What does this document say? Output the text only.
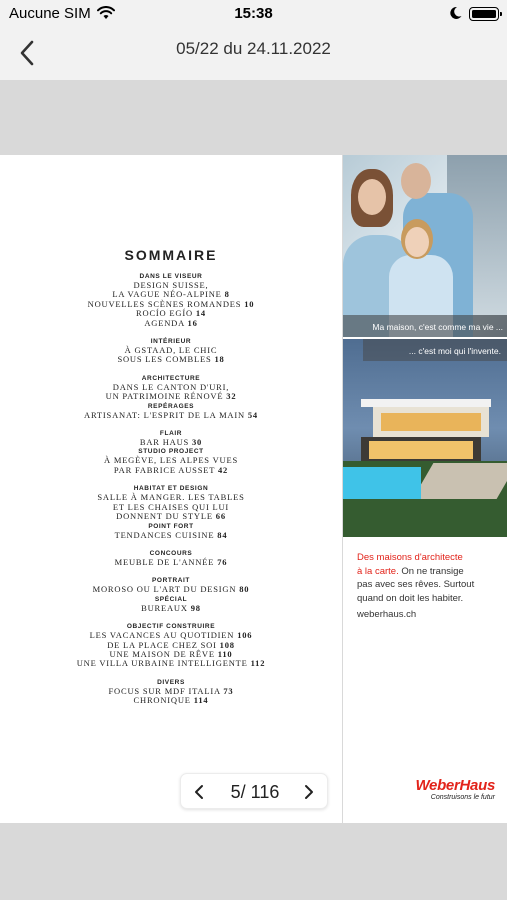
Aucune SIM	15:38
05/22 du 24.11.2022
SOMMAIRE
DANS LE VISEUR
DESIGN SUISSE,
LA VAGUE NÉO-ALPINE 8
NOUVELLES SCÈNES ROMANDES 10
ROCÍO EGÍO 14
AGENDA 16
INTÉRIEUR
À GSTAAD, LE CHIC
SOUS LES COMBLES 18
ARCHITECTURE
DANS LE CANTON D'URI,
UN PATRIMOINE RÉNOVÉ 32
REPÉRAGES
ARTISANAT: L'ESPRIT DE LA MAIN 54
FLAIR
BAR HAUS 30
STUDIO PROJECT
À MEGÈVE, LES ALPES VUES
PAR FABRICE AUSSET 42
HABITAT ET DESIGN
SALLE À MANGER. LES TABLES
ET LES CHAISES QUI LUI
DONNENT DU STYLE 66
POINT FORT
TENDANCES CUISINE 84
CONCOURS
MEUBLE DE L'ANNÉE 76
PORTRAIT
MOROSO OU L'ART DU DESIGN 80
SPÉCIAL
BUREAUX 98
OBJECTIF CONSTRUIRE
LES VACANCES AU QUOTIDIEN 106
DE LA PLACE CHEZ SOI 108
UNE MAISON DE RÊVE 110
UNE VILLA URBAINE INTELLIGENTE 112
DIVERS
FOCUS SUR MDF ITALIA 73
CHRONIQUE 114
Ma maison, c'est comme ma vie ...
... c'est moi qui l'invente.
Des maisons d'architecte
à la carte. On ne transige
pas avec ses rêves. Surtout
quand on doit les habiter.
weberhaus.ch
WeberHaus
Construisons le futur
5/ 116
